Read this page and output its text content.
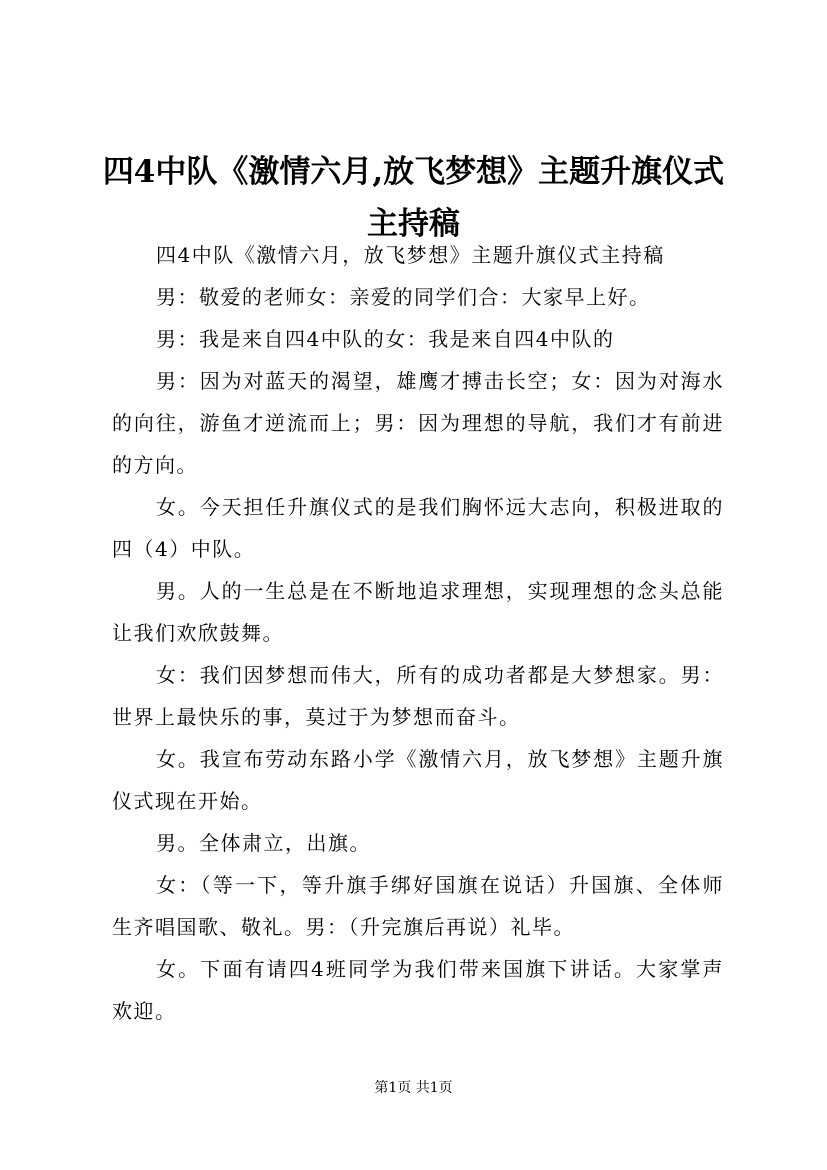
四4中队《激情六月,放飞梦想》主题升旗仪式主持稿

四4中队《激情六月，放飞梦想》主题升旗仪式主持稿

男：敬爱的老师女：亲爱的同学们合：大家早上好。

男：我是来自四4中队的女：我是来自四4中队的

男：因为对蓝天的渴望，雄鹰才搏击长空；女：因为对海水的向往，游鱼才逆流而上；男：因为理想的导航，我们才有前进的方向。

女。今天担任升旗仪式的是我们胸怀远大志向，积极进取的四（4）中队。

男。人的一生总是在不断地追求理想，实现理想的念头总能让我们欢欣鼓舞。

女：我们因梦想而伟大，所有的成功者都是大梦想家。男：世界上最快乐的事，莫过于为梦想而奋斗。

女。我宣布劳动东路小学《激情六月，放飞梦想》主题升旗仪式现在开始。

男。全体肃立，出旗。

女：（等一下，等升旗手绑好国旗在说话）升国旗、全体师生齐唱国歌、敬礼。男：（升完旗后再说）礼毕。

女。下面有请四4班同学为我们带来国旗下讲话。大家掌声欢迎。

第1页 共1页
